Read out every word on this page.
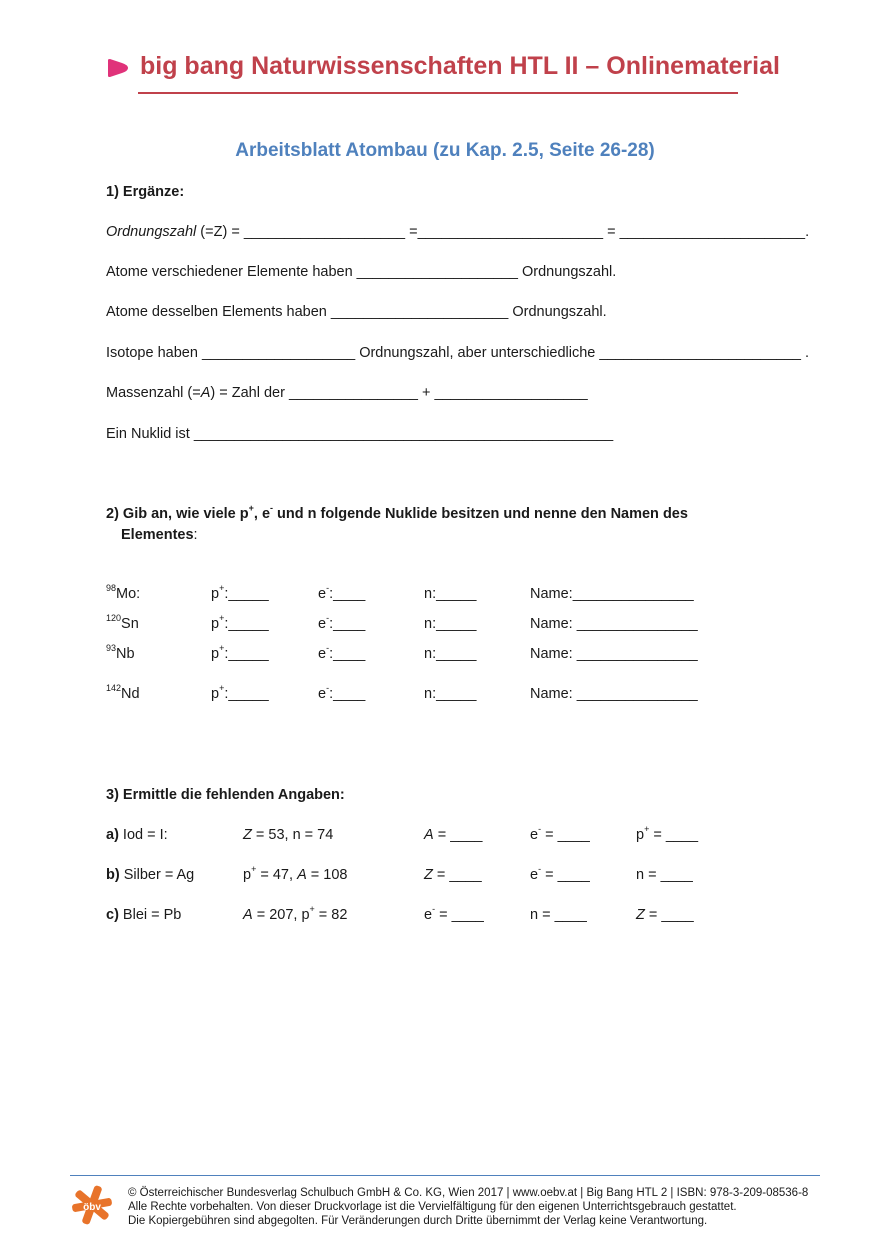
big bang Naturwissenschaften HTL II – Onlinematerial
Arbeitsblatt Atombau (zu Kap. 2.5, Seite 26-28)
1) Ergänze:
Ordnungszahl (=Z) = ____________________ =_______________________ = _______________________.
Atome verschiedener Elemente haben ____________________ Ordnungszahl.
Atome desselben Elements haben ______________________ Ordnungszahl.
Isotope haben ___________________ Ordnungszahl, aber unterschiedliche _________________________ .
Massenzahl (=A) = Zahl der ________________ + ___________________
Ein Nuklid ist ____________________________________________________
2) Gib an, wie viele p+, e- und n folgende Nuklide besitzen und nenne den Namen des
Elementes:
$^{98}$Mo:	p+:_____	e-:____	n:_____	Name:_______________
$^{120}$Sn	p+:_____	e-:____	n:_____	Name: _______________
$^{93}$Nb	p+:_____	e-:____	n:_____	Name: _______________
$^{142}$Nd	p+:_____	e-:____	n:_____	Name: _______________
3) Ermittle die fehlenden Angaben:
a) Iod = I:	Z = 53, n = 74	A = ____	e- = ____	p+ = ____
b) Silber = Ag	p+ = 47, A = 108	Z = ____	e- = ____	n = ____
c) Blei = Pb	A = 207, p+ = 82	e- = ____	n = ____	Z = ____
öbv
© Österreichischer Bundesverlag Schulbuch GmbH & Co. KG, Wien 2017 | www.oebv.at | Big Bang HTL 2 | ISBN: 978-3-209-08536-8
Alle Rechte vorbehalten. Von dieser Druckvorlage ist die Vervielfältigung für den eigenen Unterrichtsgebrauch gestattet.
Die Kopiergebühren sind abgegolten. Für Veränderungen durch Dritte übernimmt der Verlag keine Verantwortung.
